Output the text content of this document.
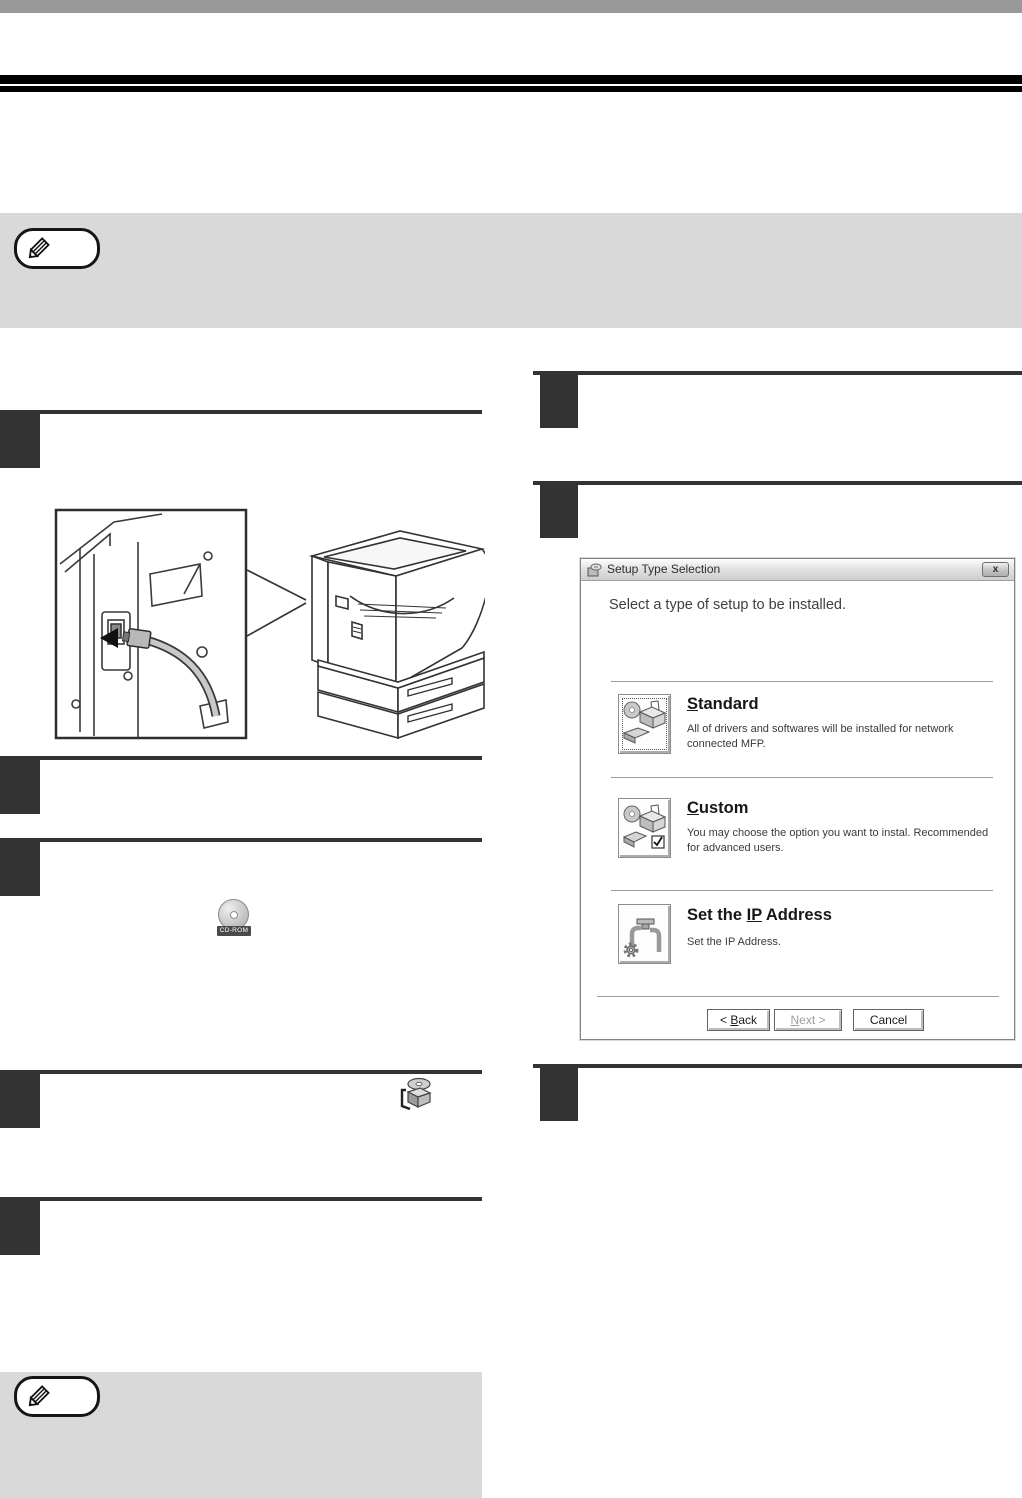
CD-ROM
Setup Type Selection	x
Select a type of setup to be installed.
Standard
All of drivers and softwares will be installed for network connected MFP.
Custom
You may choose the option you want to instal. Recommended for advanced users.
Set the IP Address
Set the IP Address.
< Back	Next >	Cancel
